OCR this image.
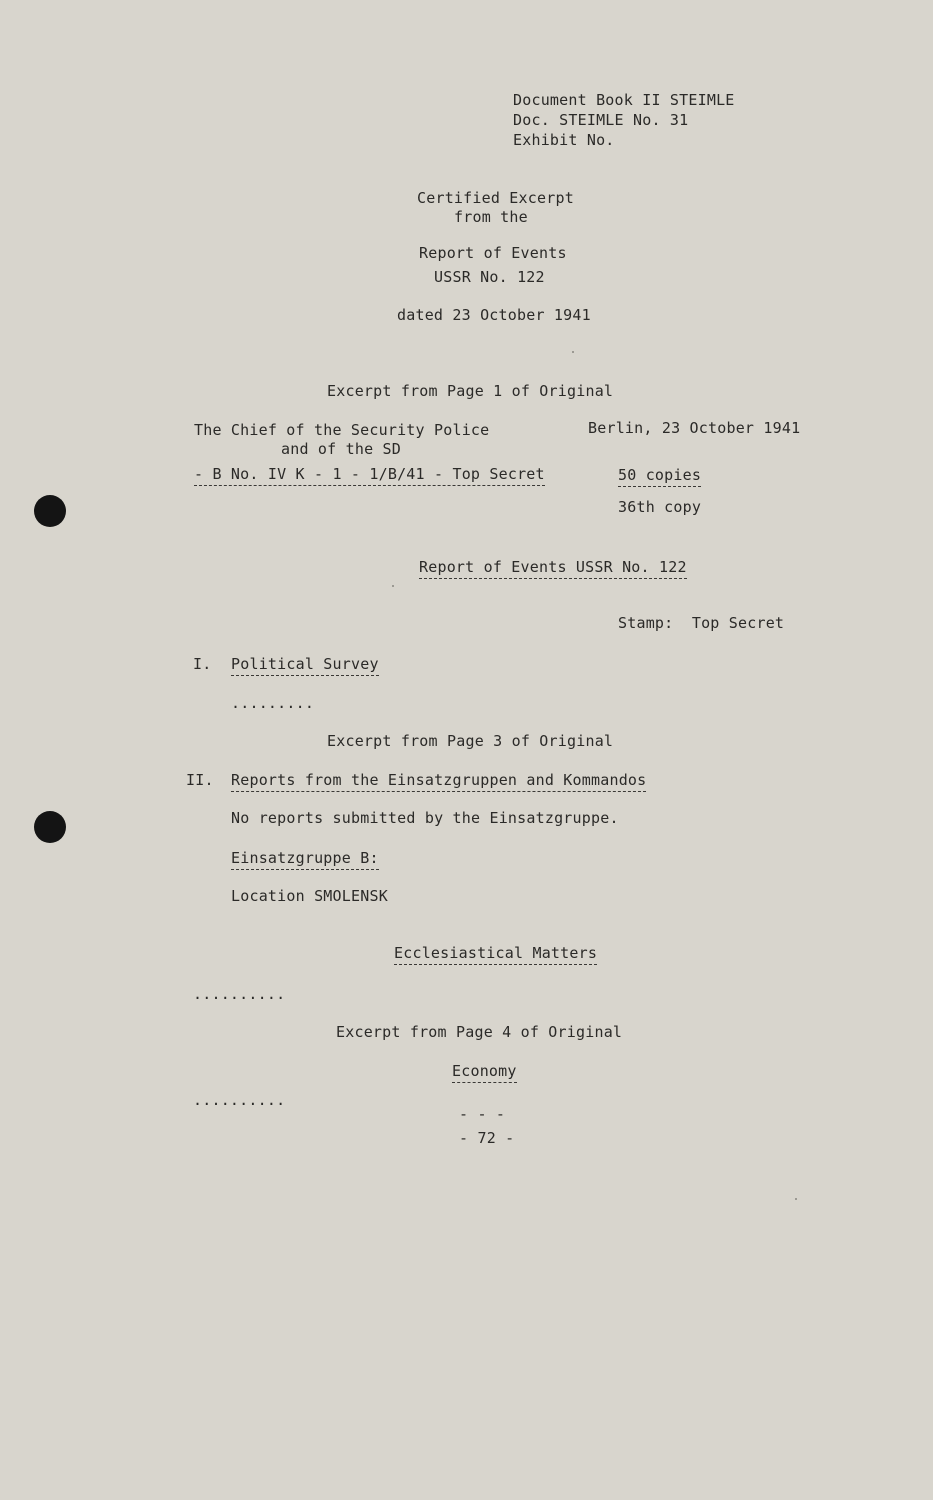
Document Book II STEIMLE
Doc. STEIMLE No. 31
Exhibit No.
Certified Excerpt
from the
Report of Events
USSR No. 122
dated 23 October 1941
Excerpt from Page 1 of Original
The Chief of the Security Police
and of the SD
- B No. IV K - 1 - 1/B/41 - Top Secret
Berlin, 23 October 1941
50 copies
36th copy
Report of Events USSR No. 122
Stamp:  Top Secret
I. Political Survey
.........
Excerpt from Page 3 of Original
II. Reports from the Einsatzgruppen and Kommandos
No reports submitted by the Einsatzgruppe.
Einsatzgruppe B:
Location SMOLENSK
Ecclesiastical Matters
..........
Excerpt from Page 4 of Original
Economy
..........
- - -
- 72 -
